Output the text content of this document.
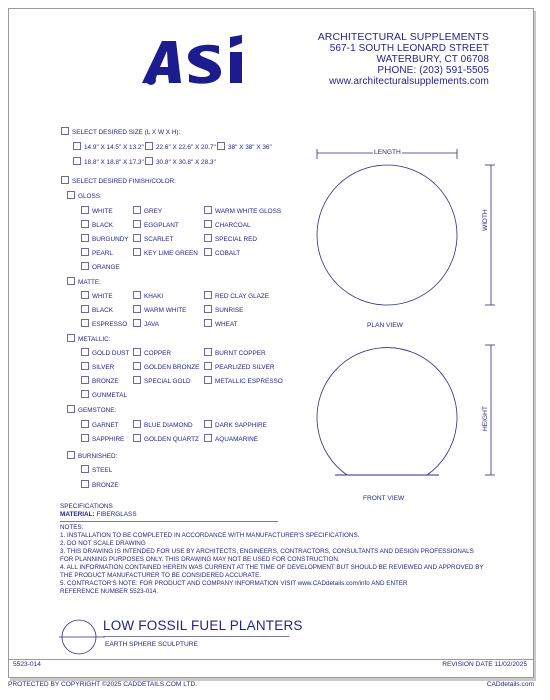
ARCHITECTURAL SUPPLEMENTS
567-1 SOUTH LEONARD STREET
WATERBURY, CT 06708
PHONE: (203) 591-5505
www.architecturalsupplements.com
SELECT DESIRED SIZE (L X W X H):
14.9" X 14.5" X 13.2"	22.6" X 22.6" X 20.7"	38" X 38" X 36"
18.8" X 18.8" X 17.3"	30.8" X 30.8" X 28.3"
SELECT DESIRED FINISH/COLOR:
GLOSS:
WHITE	GREY	WARM WHITE GLOSS
BLACK	EGGPLANT	CHARCOAL
BURGUNDY	SCARLET	SPECIAL RED
PEARL	KEY LIME GREEN	COBALT
ORANGE
MATTE:
WHITE	KHAKI	RED CLAY GLAZE
BLACK	WARM WHITE	SUNRISE
ESPRESSO	JAVA	WHEAT
METALLIC:
GOLD DUST	COPPER	BURNT COPPER
SILVER	GOLDEN BRONZE	PEARLIZED SILVER
BRONZE	SPECIAL GOLD	METALLIC ESPRESSO
GUNMETAL
GEMSTONE:
GARNET	BLUE DIAMOND	DARK SAPPHIRE
SAPPHIRE	GOLDEN QUARTZ	AQUAMARINE
BURNISHED:
STEEL
BRONZE
LENGTH
WIDTH
PLAN VIEW
HEIGHT
FRONT VIEW
SPECIFICATIONS
MATERIAL: FIBERGLASS
NOTES:
1. INSTALLATION TO BE COMPLETED IN ACCORDANCE WITH MANUFACTURER'S SPECIFICATIONS.
2. DO NOT SCALE DRAWING
3. THIS DRAWING IS INTENDED FOR USE BY ARCHITECTS, ENGINEERS, CONTRACTORS, CONSULTANTS AND DESIGN PROFESSIONALS
FOR PLANNING PURPOSES ONLY. THIS DRAWING MAY NOT BE USED FOR CONSTRUCTION.
4. ALL INFORMATION CONTAINED HEREIN WAS CURRENT AT THE TIME OF DEVELOPMENT BUT SHOULD BE REVIEWED AND APPROVED BY
THE PRODUCT MANUFACTURER TO BE CONSIDERED ACCURATE.
5. CONTRACTOR'S NOTE: FOR PRODUCT AND COMPANY INFORMATION VISIT www.CADdetails.com/info AND ENTER
REFERENCE NUMBER 5523-014.
LOW FOSSIL FUEL PLANTERS
EARTH SPHERE SCULPTURE
5523-014	REVISION DATE 11/02/2025
PROTECTED BY COPYRIGHT ©2025 CADDETAILS.COM LTD.	CADdetails.com
